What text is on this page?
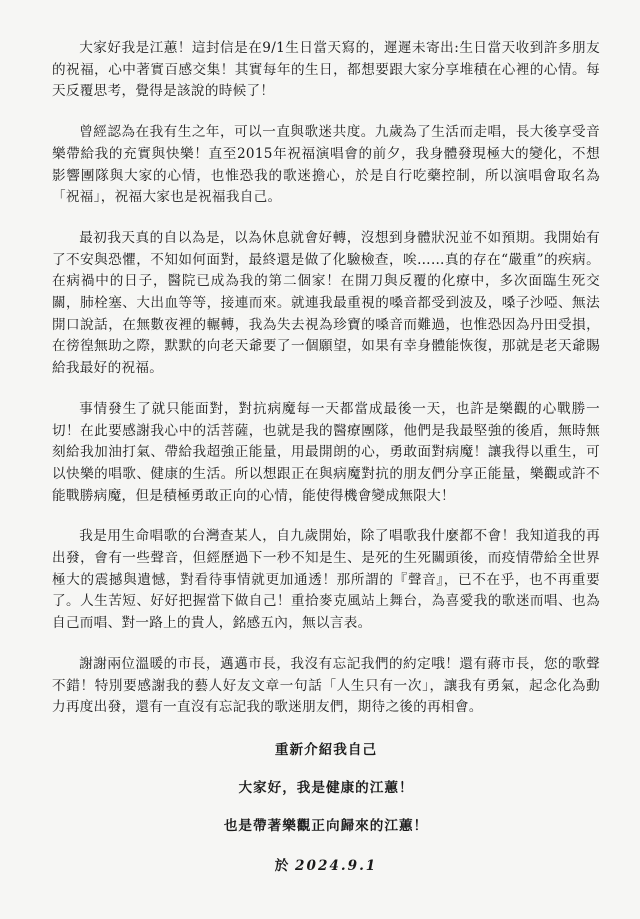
大家好我是江蕙！這封信是在9/1生日當天寫的，遲遲未寄出:生日當天收到許多朋友的祝福，心中著實百感交集！其實每年的生日，都想要跟大家分享堆積在心裡的心情。每天反覆思考，覺得是該說的時候了！

曾經認為在我有生之年，可以一直與歌迷共度。九歲為了生活而走唱，長大後享受音樂帶給我的充實與快樂！直至2015年祝福演唱會的前夕，我身體發現極大的變化，不想影響團隊與大家的心情，也惟恐我的歌迷擔心，於是自行吃藥控制，所以演唱會取名為「祝福」，祝福大家也是祝福我自己。

最初我天真的自以為是，以為休息就會好轉，沒想到身體狀況並不如預期。我開始有了不安與恐懼，不知如何面對，最終還是做了化驗檢查，唉……真的存在“嚴重”的疾病。在病禍中的日子，醫院已成為我的第二個家！在開刀與反覆的化療中，多次面臨生死交關，肺栓塞、大出血等等，接連而來。就連我最重視的嗓音都受到波及，嗓子沙啞、無法開口說話，在無數夜裡的輾轉，我為失去視為珍寶的嗓音而難過，也惟恐因為丹田受損，在徬徨無助之際，默默的向老天爺要了一個願望，如果有幸身體能恢復，那就是老天爺賜給我最好的祝福。

事情發生了就只能面對，對抗病魔每一天都當成最後一天，也許是樂觀的心戰勝一切！在此要感謝我心中的活菩薩，也就是我的醫療團隊，他們是我最堅強的後盾，無時無刻給我加油打氣、帶給我超強正能量，用最開朗的心，勇敢面對病魔！讓我得以重生，可以快樂的唱歌、健康的生活。所以想跟正在與病魔對抗的朋友們分享正能量，樂觀或許不能戰勝病魔，但是積極勇敢正向的心情，能使得機會變成無限大！

我是用生命唱歌的台灣查某人，自九歲開始，除了唱歌我什麼都不會！我知道我的再出發，會有一些聲音，但經歷過下一秒不知是生、是死的生死關頭後，而疫情帶給全世界極大的震撼與遺憾，對看待事情就更加通透！那所謂的『聲音』，已不在乎，也不再重要了。人生苦短、好好把握當下做自己！重拾麥克風站上舞台，為喜愛我的歌迷而唱、也為自己而唱、對一路上的貴人，銘感五內，無以言表。

謝謝兩位溫暖的市長，邁邁市長，我沒有忘記我們的約定哦！還有蔣市長，您的歌聲不錯！特別要感謝我的藝人好友文章一句話「人生只有一次」，讓我有勇氣，起念化為動力再度出發，還有一直沒有忘記我的歌迷朋友們，期待之後的再相會。

重新介紹我自己

大家好，我是健康的江蕙！

也是帶著樂觀正向歸來的江蕙！

於 2024.9.1
